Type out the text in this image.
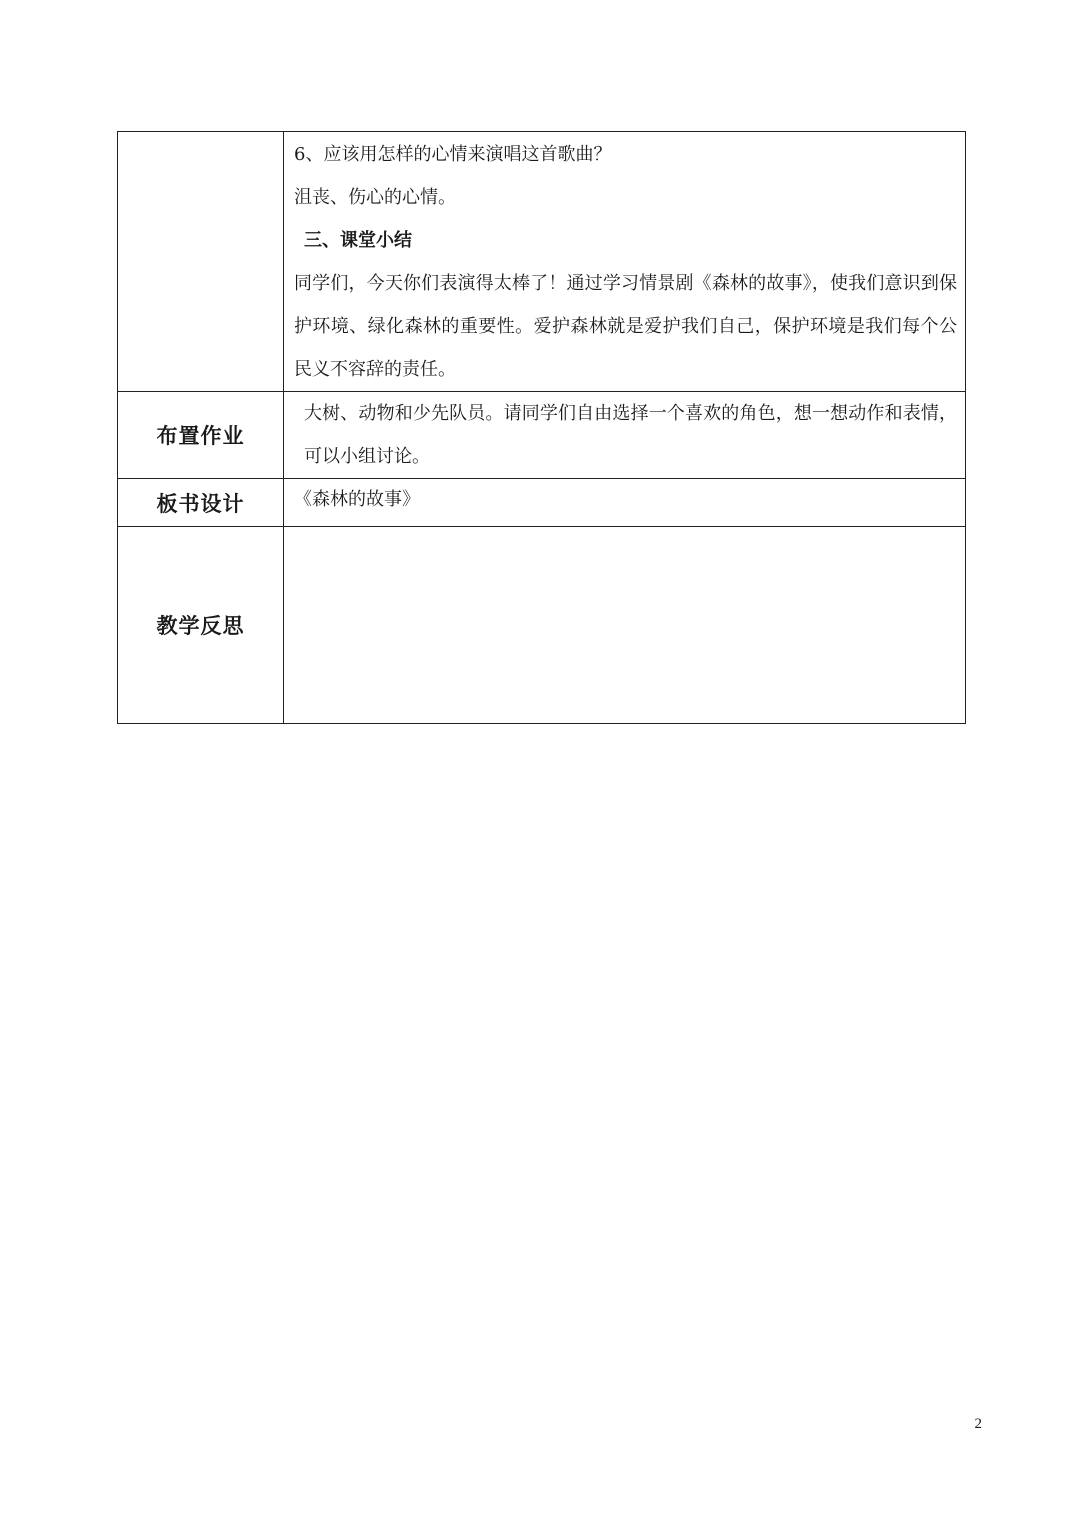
	6、应该用怎样的心情来演唱这首歌曲？
沮丧、伤心的心情。
三、课堂小结
同学们，今天你们表演得太棒了！通过学习情景剧《森林的故事》，使我们意识到保护环境、绿化森林的重要性。爱护森林就是爱护我们自己，保护环境是我们每个公民义不容辞的责任。

布置作业	大树、动物和少先队员。请同学们自由选择一个喜欢的角色，想一想动作和表情，可以小组讨论。

板书设计	《森林的故事》

教学反思	
2
